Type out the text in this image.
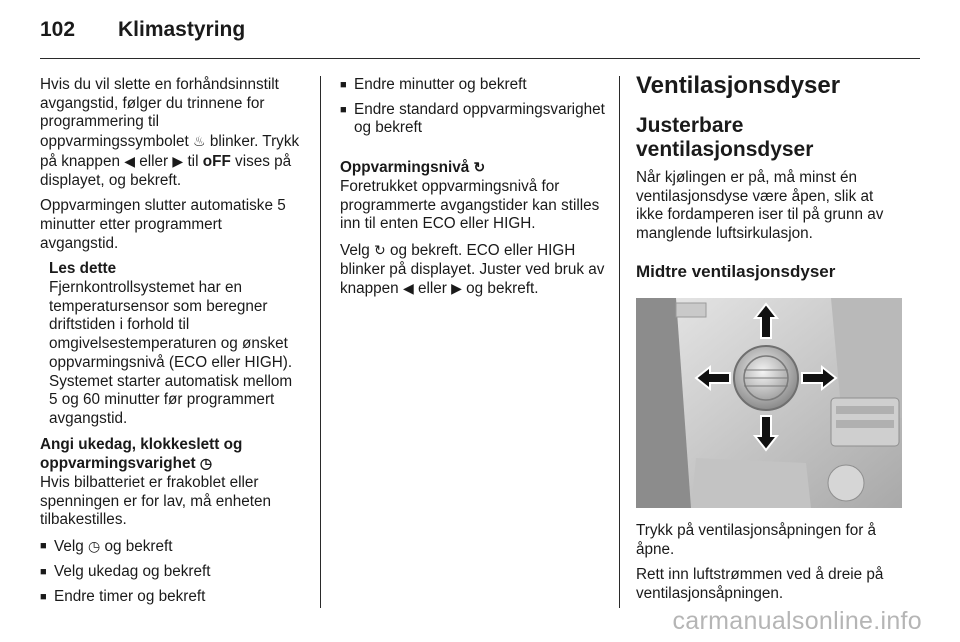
102	Klimastyring

Hvis du vil slette en forhåndsinnstilt avgangstid, følger du trinnene for programmering til oppvarmingssymbolet ♨ blinker. Trykk på knappen ◀ eller ▶ til oFF vises på displayet, og bekreft.

Oppvarmingen slutter automatiske 5 minutter etter programmert avgangstid.

Les dette

Fjernkontrollsystemet har en temperatursensor som beregner driftstiden i forhold til omgivelsestemperaturen og ønsket oppvarmingsnivå (ECO eller HIGH). Systemet starter automatisk mellom 5 og 60 minutter før programmert avgangstid.

Angi ukedag, klokkeslett og oppvarmingsvarighet ◷

Hvis bilbatteriet er frakoblet eller spenningen er for lav, må enheten tilbakestilles.

■ Velg ◷ og bekreft
■ Velg ukedag og bekreft
■ Endre timer og bekreft
■ Endre minutter og bekreft
■ Endre standard oppvarmingsvarighet og bekreft

Oppvarmingsnivå ↻

Foretrukket oppvarmingsnivå for programmerte avgangstider kan stilles inn til enten ECO eller HIGH.

Velg ↻ og bekreft. ECO eller HIGH blinker på displayet. Juster ved bruk av knappen ◀ eller ▶ og bekreft.

Ventilasjonsdyser
Justerbare ventilasjonsdyser

Når kjølingen er på, må minst én ventilasjonsdyse være åpen, slik at ikke fordamperen iser til på grunn av manglende luftsirkulasjon.

Midtre ventilasjonsdyser

Trykk på ventilasjonsåpningen for å åpne.

Rett inn luftstrømmen ved å dreie på ventilasjonsåpningen.

carmanualsonline.info
